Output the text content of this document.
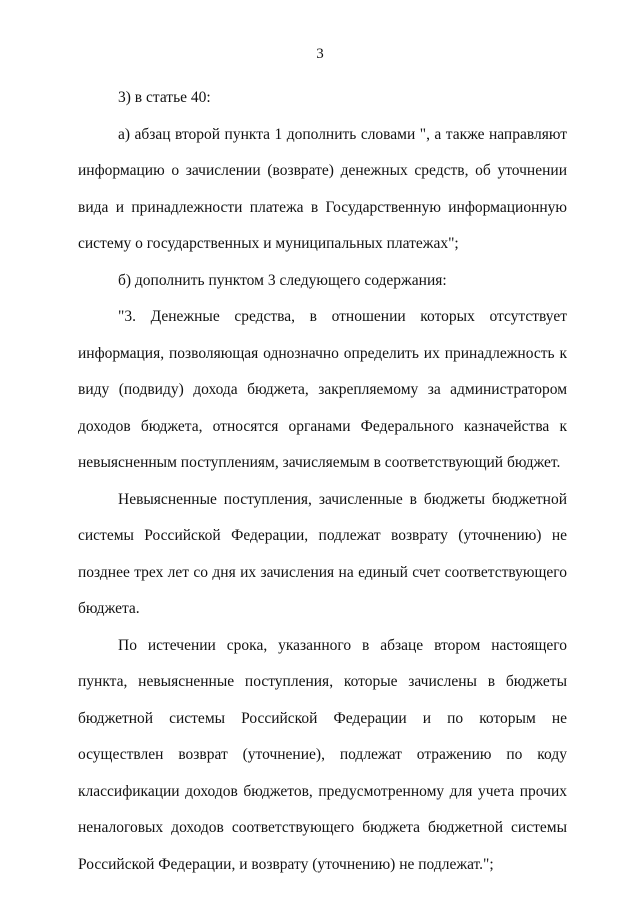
3

3) в статье 40:

а) абзац второй пункта 1 дополнить словами ", а также направляют информацию о зачислении (возврате) денежных средств, об уточнении вида и принадлежности платежа в Государственную информационную систему о государственных и муниципальных платежах";

б) дополнить пунктом 3 следующего содержания:

"3. Денежные средства, в отношении которых отсутствует информация, позволяющая однозначно определить их принадлежность к виду (подвиду) дохода бюджета, закрепляемому за администратором доходов бюджета, относятся органами Федерального казначейства к невыясненным поступлениям, зачисляемым в соответствующий бюджет.

Невыясненные поступления, зачисленные в бюджеты бюджетной системы Российской Федерации, подлежат возврату (уточнению) не позднее трех лет со дня их зачисления на единый счет соответствующего бюджета.

По истечении срока, указанного в абзаце втором настоящего пункта, невыясненные поступления, которые зачислены в бюджеты бюджетной системы Российской Федерации и по которым не осуществлен возврат (уточнение), подлежат отражению по коду классификации доходов бюджетов, предусмотренному для учета прочих неналоговых доходов соответствующего бюджета бюджетной системы Российской Федерации, и возврату (уточнению) не подлежат.";
